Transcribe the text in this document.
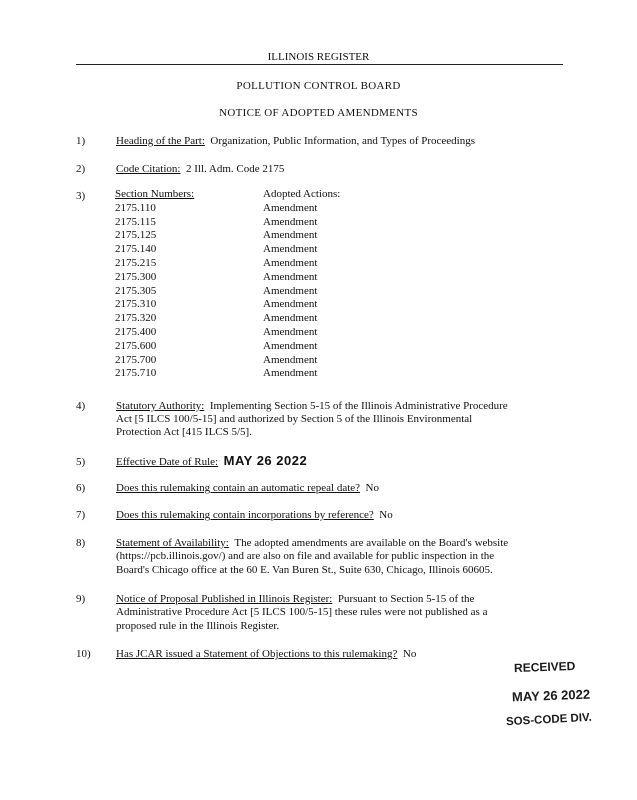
ILLINOIS REGISTER
POLLUTION CONTROL BOARD
NOTICE OF ADOPTED AMENDMENTS
1)	Heading of the Part: Organization, Public Information, and Types of Proceedings
2)	Code Citation: 2 Ill. Adm. Code 2175
3)	Section Numbers:	Adopted Actions:
2175.110	Amendment
2175.115	Amendment
2175.125	Amendment
2175.140	Amendment
2175.215	Amendment
2175.300	Amendment
2175.305	Amendment
2175.310	Amendment
2175.320	Amendment
2175.400	Amendment
2175.600	Amendment
2175.700	Amendment
2175.710	Amendment
4)	Statutory Authority: Implementing Section 5-15 of the Illinois Administrative Procedure
Act [5 ILCS 100/5-15] and authorized by Section 5 of the Illinois Environmental
Protection Act [415 ILCS 5/5].
5)	Effective Date of Rule: MAY 26 2022
6)	Does this rulemaking contain an automatic repeal date? No
7)	Does this rulemaking contain incorporations by reference? No
8)	Statement of Availability: The adopted amendments are available on the Board's website
(https://pcb.illinois.gov/) and are also on file and available for public inspection in the
Board's Chicago office at the 60 E. Van Buren St., Suite 630, Chicago, Illinois 60605.
9)	Notice of Proposal Published in Illinois Register: Pursuant to Section 5-15 of the
Administrative Procedure Act [5 ILCS 100/5-15] these rules were not published as a
proposed rule in the Illinois Register.
10) Has JCAR issued a Statement of Objections to this rulemaking? No
RECEIVED
MAY 26 2022
SOS-CODE DIV.
